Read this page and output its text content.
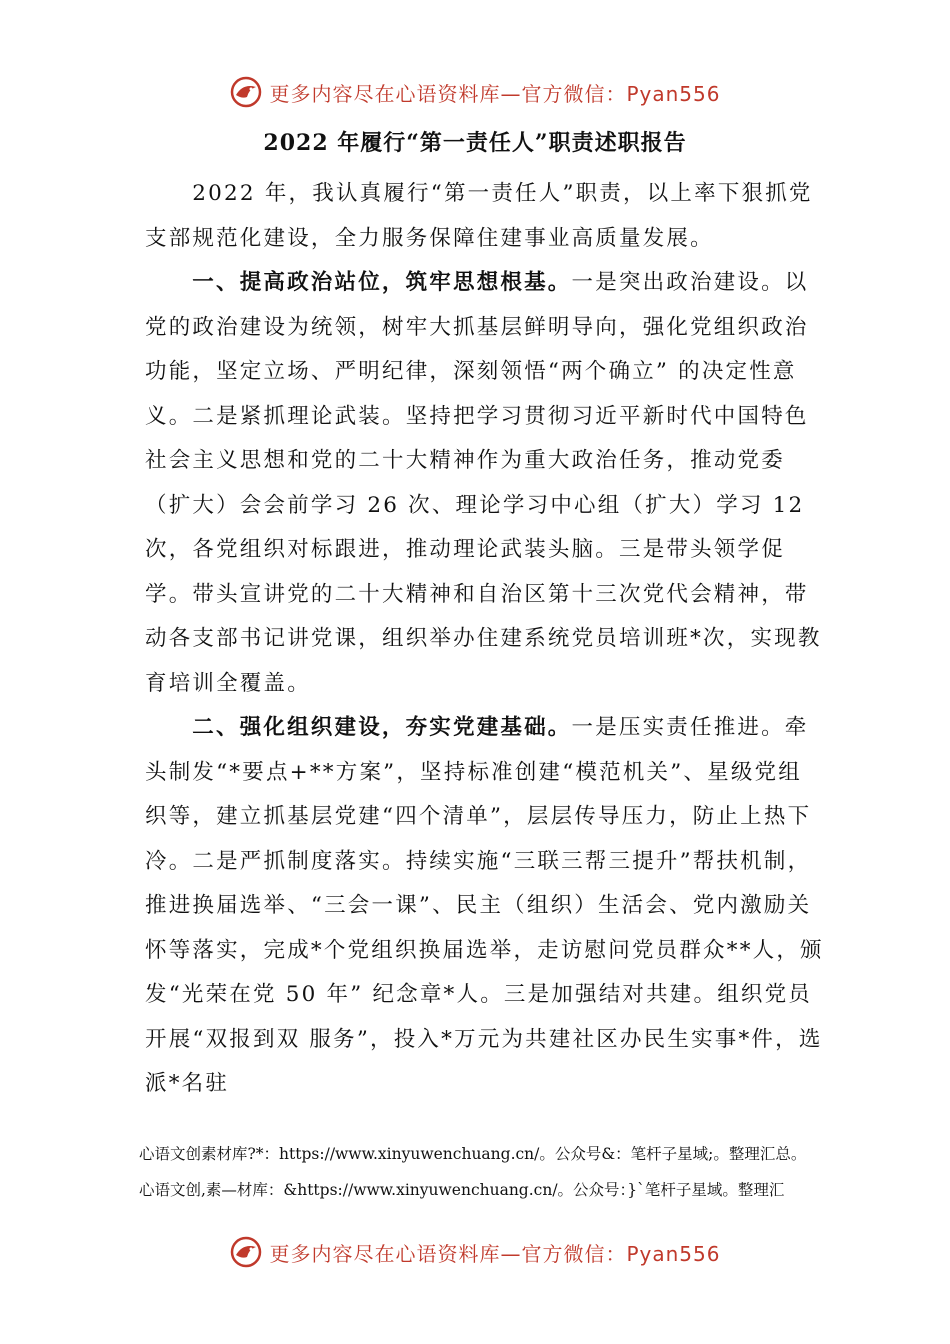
更多内容尽在心语资料库—官方微信：Pyan556
2022 年履行“第一责任人”职责述职报告

2022 年，我认真履行“第一责任人”职责，以上率下狠抓党支部规范化建设，全力服务保障住建事业高质量发展。

一、提高政治站位，筑牢思想根基。一是突出政治建设。以党的政治建设为统领，树牢大抓基层鲜明导向，强化党组织政治功能，坚定立场、严明纪律，深刻领悟“两个确立” 的决定性意义。二是紧抓理论武装。坚持把学习贯彻习近平新时代中国特色社会主义思想和党的二十大精神作为重大政治任务，推动党委（扩大）会会前学习 26 次、理论学习中心组（扩大）学习 12 次，各党组织对标跟进，推动理论武装头脑。三是带头领学促学。带头宣讲党的二十大精神和自治区第十三次党代会精神，带动各支部书记讲党课，组织举办住建系统党员培训班*次，实现教育培训全覆盖。

二、强化组织建设，夯实党建基础。一是压实责任推进。牵头制发“*要点+**方案”，坚持标准创建“模范机关”、星级党组织等，建立抓基层党建“四个清单”，层层传导压力，防止上热下冷。二是严抓制度落实。持续实施“三联三帮三提升”帮扶机制，推进换届选举、“三会一课”、民主（组织）生活会、党内激励关怀等落实，完成*个党组织换届选举，走访慰问党员群众**人，颁发“光荣在党 50 年” 纪念章*人。三是加强结对共建。组织党员开展“双报到双 服务”，投入*万元为共建社区办民生实事*件，选派*名驻

心语文创素材库?*：https://www.xinyuwenchuang.cn/。公众号&：笔杆子星域;。整理汇总。
心语文创,素—材库：&https://www.xinyuwenchuang.cn/。公众号：}`笔杆子星域。整理汇
更多内容尽在心语资料库—官方微信：Pyan556
